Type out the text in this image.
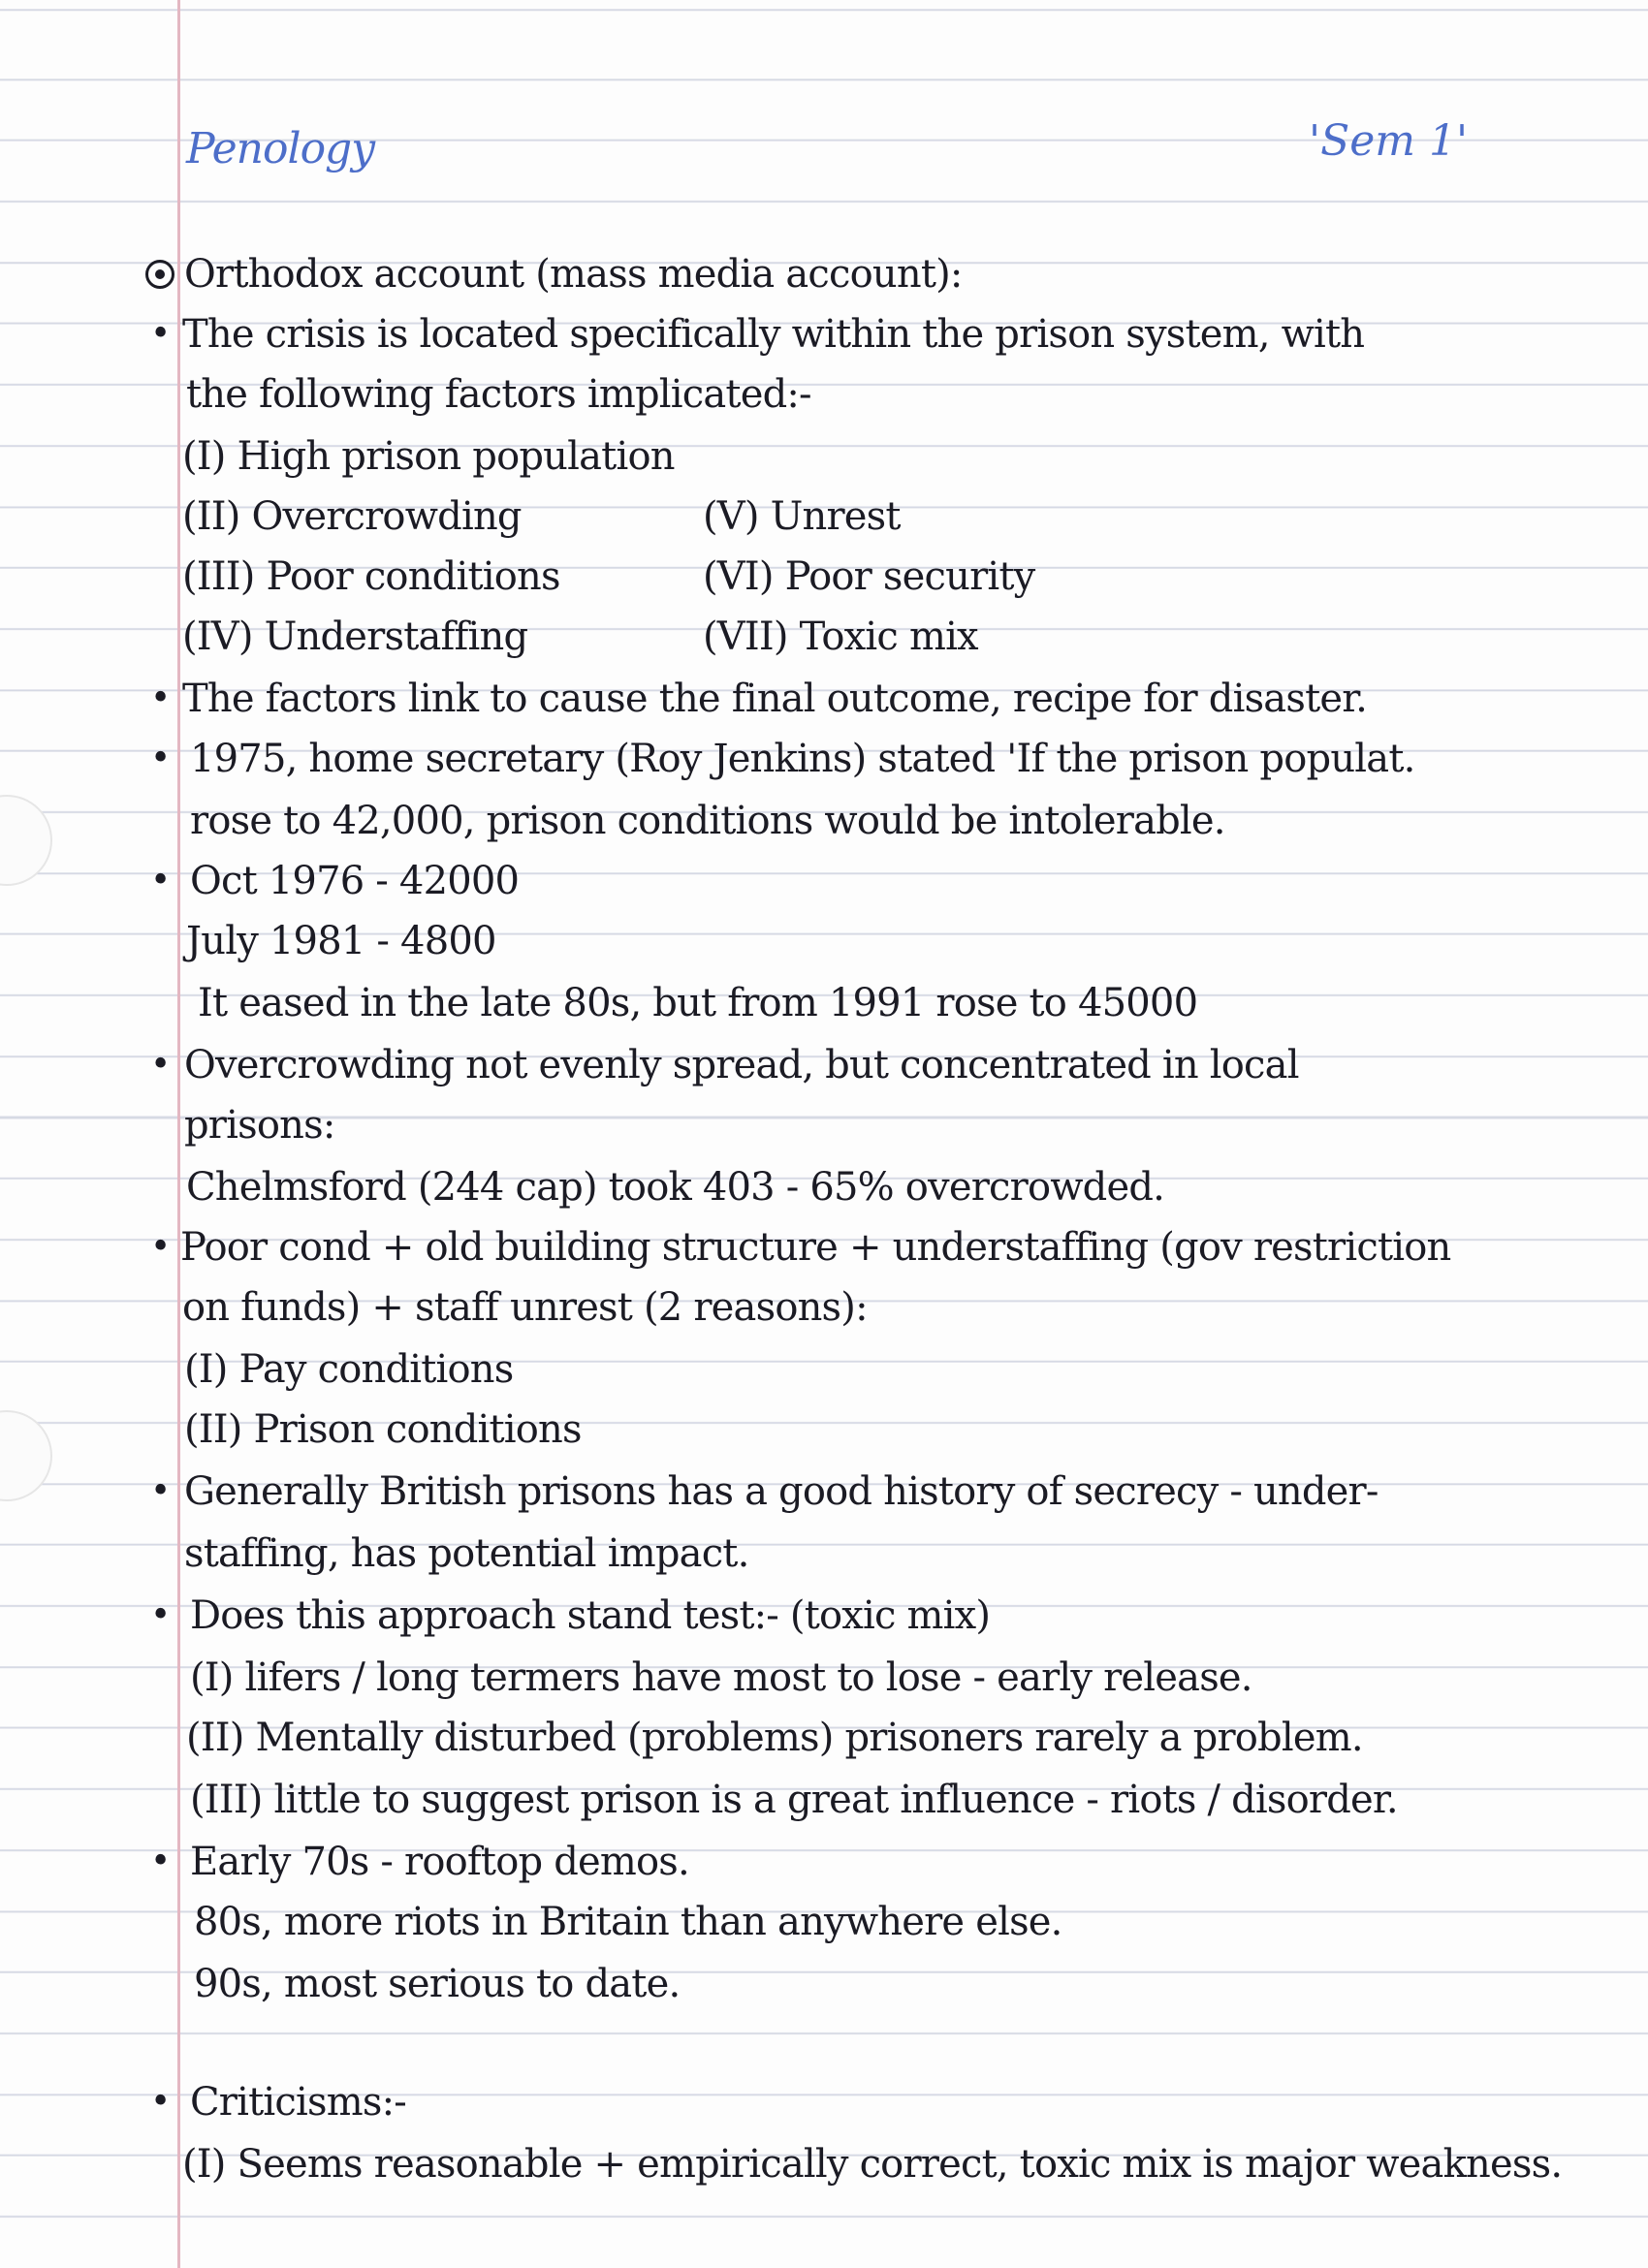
Penology	'Sem 1'
Orthodox account (mass media account):
• The crisis is located specifically within the prison system, with
the following factors implicated:-
(I) High prison population
(II) Overcrowding	(V) Unrest
(III) Poor conditions	(VI) Poor security
(IV) Understaffing	(VII) Toxic mix
• The factors link to cause the final outcome, recipe for disaster.
• 1975, home secretary (Roy Jenkins) stated 'If the prison populat.
rose to 42,000, prison conditions would be intolerable.
• Oct 1976 - 42000
July 1981 - 4800
It eased in the late 80s, but from 1991 rose to 45000
• Overcrowding not evenly spread, but concentrated in local
prisons:
Chelmsford (244 cap) took 403 - 65% overcrowded.
• Poor cond + old building structure + understaffing (gov restriction
on funds) + staff unrest (2 reasons):
(I) Pay conditions
(II) Prison conditions
• Generally British prisons has a good history of secrecy - under-
staffing, has potential impact.
• Does this approach stand test:- (toxic mix)
(I) lifers / long termers have most to lose - early release.
(II) Mentally disturbed (problems) prisoners rarely a problem.
(III) little to suggest prison is a great influence - riots / disorder.
• Early 70s - rooftop demos.
80s, more riots in Britain than anywhere else.
90s, most serious to date.
• Criticisms:-
(I) Seems reasonable + empirically correct, toxic mix is major weakness.
